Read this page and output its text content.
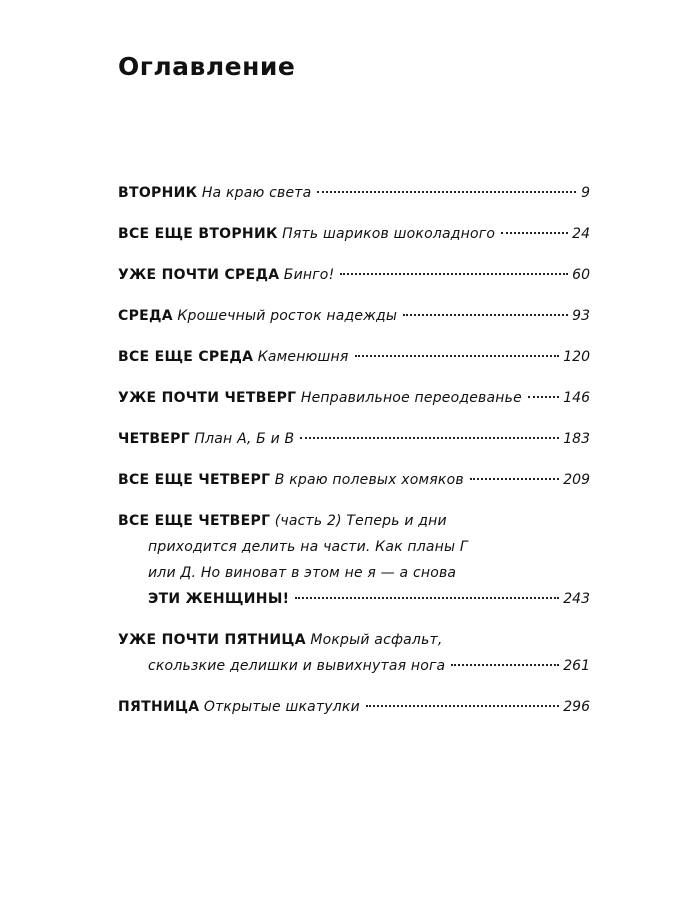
Оглавление
ВТОРНИК
На краю света	9
ВСЕ ЕЩЕ ВТОРНИК
Пять шариков шоколадного	24
УЖЕ ПОЧТИ СРЕДА
Бинго!	60
СРЕДА
Крошечный росток надежды	93
ВСЕ ЕЩЕ СРЕДА
Каменюшня	120
УЖЕ ПОЧТИ ЧЕТВЕРГ
Неправильное переодеванье	146
ЧЕТВЕРГ
План А, Б и В	183
ВСЕ ЕЩЕ ЧЕТВЕРГ
В краю полевых хомяков	209
ВСЕ ЕЩЕ ЧЕТВЕРГ (часть 2) Теперь и дни
приходится делить на части. Как планы Г
или Д. Но виноват в этом не я — а снова
ЭТИ ЖЕНЩИНЫ!	243
УЖЕ ПОЧТИ ПЯТНИЦА Мокрый асфальт,
скользкие делишки и вывихнутая нога	261
ПЯТНИЦА
Открытые шкатулки	296
